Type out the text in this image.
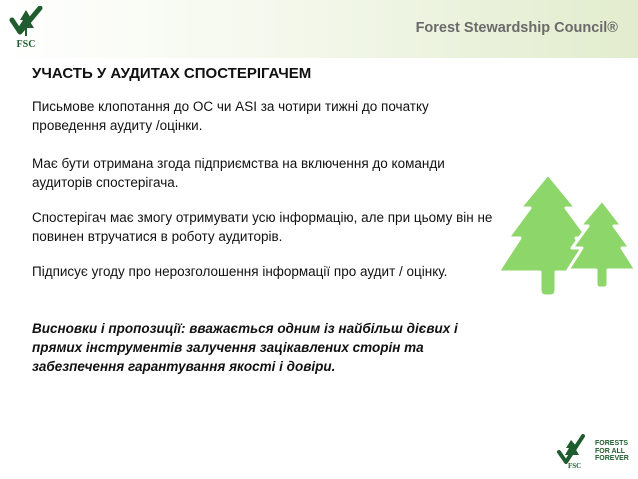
FSC
Forest Stewardship Council®
УЧАСТЬ У АУДИТАХ СПОСТЕРІГАЧЕМ
Письмове клопотання до ОС чи ASI за чотири тижні до початку проведення аудиту /оцінки.
Має бути отримана згода підприємства на включення до команди аудиторів спостерігача.
Спостерігач має змогу отримувати усю інформацію, але при цьому він не повинен втручатися в роботу аудиторів.
Підписує угоду про нерозголошення інформації про аудит / оцінку.
Висновки і пропозиції: вважається одним із найбільш дієвих і прямих інструментів залучення зацікавлених сторін та забезпечення гарантування якості і довіри.
FSC
FORESTS
FOR ALL
FOREVER
